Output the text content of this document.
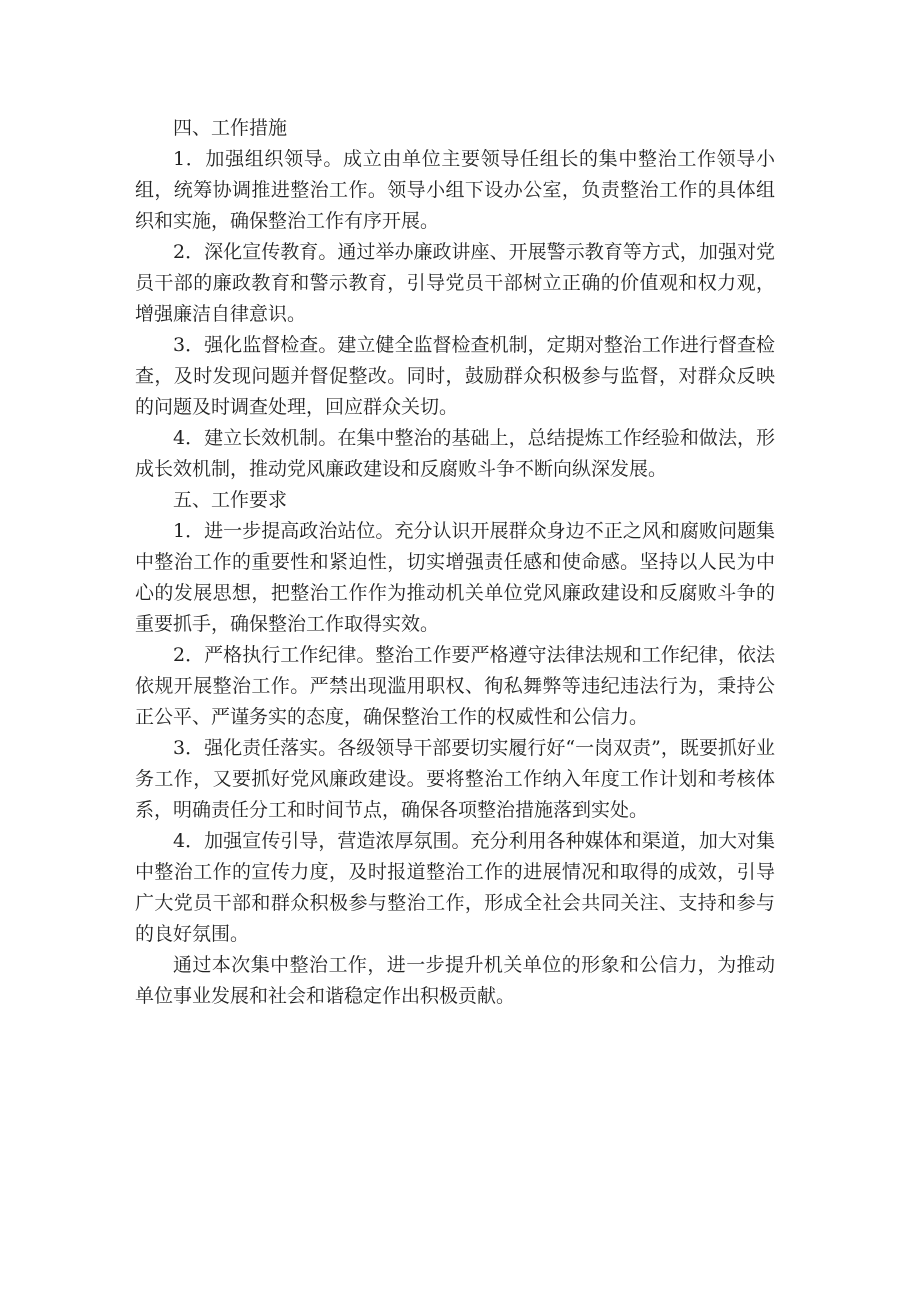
四、工作措施

1．加强组织领导。成立由单位主要领导任组长的集中整治工作领导小组，统筹协调推进整治工作。领导小组下设办公室，负责整治工作的具体组织和实施，确保整治工作有序开展。

2．深化宣传教育。通过举办廉政讲座、开展警示教育等方式，加强对党员干部的廉政教育和警示教育，引导党员干部树立正确的价值观和权力观，增强廉洁自律意识。

3．强化监督检查。建立健全监督检查机制，定期对整治工作进行督查检查，及时发现问题并督促整改。同时，鼓励群众积极参与监督，对群众反映的问题及时调查处理，回应群众关切。

4．建立长效机制。在集中整治的基础上，总结提炼工作经验和做法，形成长效机制，推动党风廉政建设和反腐败斗争不断向纵深发展。

五、工作要求

1．进一步提高政治站位。充分认识开展群众身边不正之风和腐败问题集中整治工作的重要性和紧迫性，切实增强责任感和使命感。坚持以人民为中心的发展思想，把整治工作作为推动机关单位党风廉政建设和反腐败斗争的重要抓手，确保整治工作取得实效。

2．严格执行工作纪律。整治工作要严格遵守法律法规和工作纪律，依法依规开展整治工作。严禁出现滥用职权、徇私舞弊等违纪违法行为，秉持公正公平、严谨务实的态度，确保整治工作的权威性和公信力。

3．强化责任落实。各级领导干部要切实履行好“一岗双责”，既要抓好业务工作，又要抓好党风廉政建设。要将整治工作纳入年度工作计划和考核体系，明确责任分工和时间节点，确保各项整治措施落到实处。

4．加强宣传引导，营造浓厚氛围。充分利用各种媒体和渠道，加大对集中整治工作的宣传力度，及时报道整治工作的进展情况和取得的成效，引导广大党员干部和群众积极参与整治工作，形成全社会共同关注、支持和参与的良好氛围。

通过本次集中整治工作，进一步提升机关单位的形象和公信力，为推动单位事业发展和社会和谐稳定作出积极贡献。
